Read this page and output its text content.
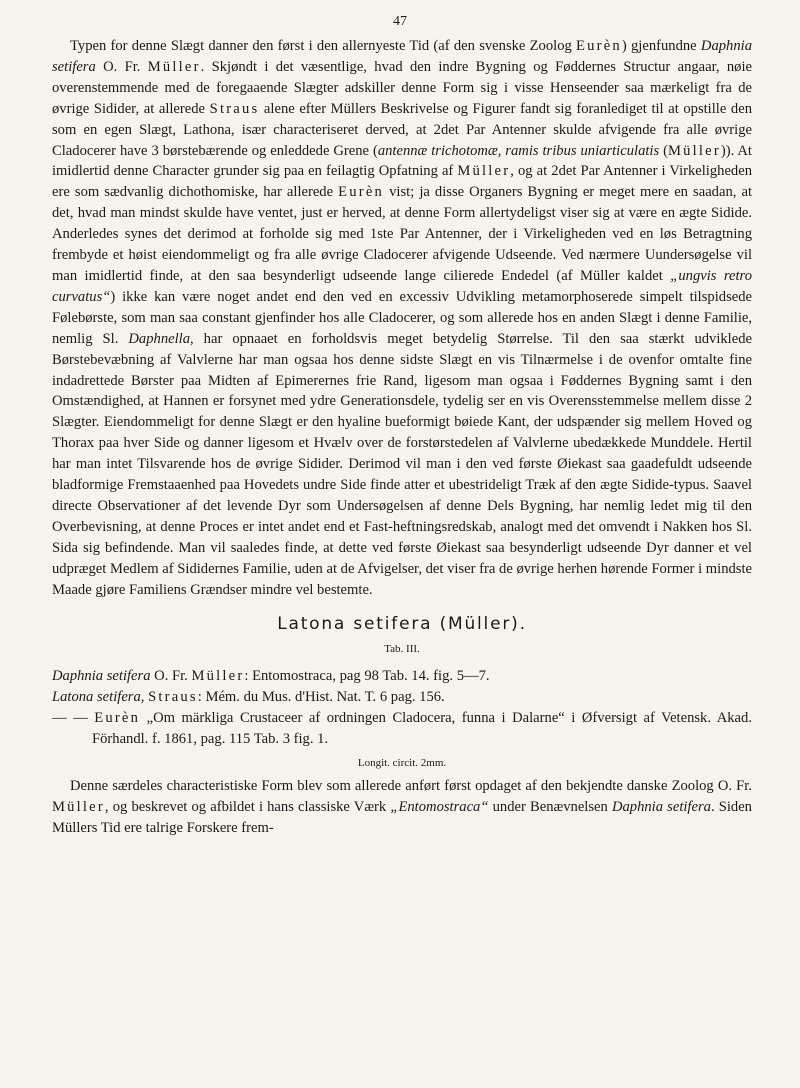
47

Typen for denne Slægt danner den først i den allernyeste Tid (af den svenske Zoolog Eurèn) gjenfundne Daphnia setifera O. Fr. Müller. Skjøndt i det væsentlige, hvad den indre Bygning og Føddernes Structur angaar, nøie overenstemmende med de foregaaende Slægter adskiller denne Form sig i visse Henseender saa mærkeligt fra de øvrige Sidider, at allerede Straus alene efter Müllers Beskrivelse og Figurer fandt sig foranlediget til at opstille den som en egen Slægt, Lathona, især characteriseret derved, at 2det Par Antenner skulde afvigende fra alle øvrige Cladocerer have 3 børstebærende og enleddede Grene (antennæ trichotomæ, ramis tribus uniarticulatis (Müller)). At imidlertid denne Character grunder sig paa en feilagtig Opfatning af Müller, og at 2det Par Antenner i Virkeligheden ere som sædvanlig dichothomiske, har allerede Eurèn vist; ja disse Organers Bygning er meget mere en saadan, at det, hvad man mindst skulde have ventet, just er herved, at denne Form allertydeligst viser sig at være en ægte Sidide. Anderledes synes det derimod at forholde sig med 1ste Par Antenner, der i Virkeligheden ved en løs Betragtning frembyde et høist eiendommeligt og fra alle øvrige Cladocerer afvigende Udseende. Ved nærmere Uundersøgelse vil man imidlertid finde, at den saa besynderligt udseende lange cilierede Endedel (af Müller kaldet „ungvis retro curvatus“) ikke kan være noget andet end den ved en excessiv Udvikling metamorphoserede simpelt tilspidsede Følebørste, som man saa constant gjenfinder hos alle Cladocerer, og som allerede hos en anden Slægt i denne Familie, nemlig Sl. Daphnella, har opnaaet en forholdsvis meget betydelig Størrelse. Til den saa stærkt udviklede Børstebevæbning af Valvlerne har man ogsaa hos denne sidste Slægt en vis Tilnærmelse i de ovenfor omtalte fine indadrettede Børster paa Midten af Epimerernes frie Rand, ligesom man ogsaa i Føddernes Bygning samt i den Omstændighed, at Hannen er forsynet med ydre Generationsdele, tydelig ser en vis Overensstemmelse mellem disse 2 Slægter. Eiendommeligt for denne Slægt er den hyaline bueformigt bøiede Kant, der udspænder sig mellem Hoved og Thorax paa hver Side og danner ligesom et Hvælv over de forstørstedelen af Valvlerne ubedækkede Munddele. Hertil har man intet Tilsvarende hos de øvrige Sidider. Derimod vil man i den ved første Øiekast saa gaadefuldt udseende bladformige Fremstaaenhed paa Hovedets undre Side finde atter et ubestrideligt Træk af den ægte Sidide-typus. Saavel directe Observationer af det levende Dyr som Undersøgelsen af denne Dels Bygning, har nemlig ledet mig til den Overbevisning, at denne Proces er intet andet end et Fast-heftningsredskab, analogt med det omvendt i Nakken hos Sl. Sida sig befindende. Man vil saaledes finde, at dette ved første Øiekast saa besynderligt udseende Dyr danner et vel udpræget Medlem af Sididernes Familie, uden at de Afvigelser, det viser fra de øvrige herhen hørende Former i mindste Maade gjøre Familiens Grændser mindre vel bestemte.

Latona setifera (Müller).
Tab. III.

Daphnia setifera O. Fr. Müller: Entomostraca, pag 98 Tab. 14. fig. 5—7.

Latona setifera, Straus: Mém. du Mus. d'Hist. Nat. T. 6 pag. 156.

— — Eurèn „Om märkliga Crustaceer af ordningen Cladocera, funna i Dalarne“ i Øfversigt af Vetensk. Akad. Förhandl. f. 1861, pag. 115 Tab. 3 fig. 1.

Longit. circit. 2mm.

Denne særdeles characteristiske Form blev som allerede anført først opdaget af den bekjendte danske Zoolog O. Fr. Müller, og beskrevet og afbildet i hans classiske Værk „Entomostraca“ under Benævnelsen Daphnia setifera. Siden Müllers Tid ere talrige Forskere frem-
